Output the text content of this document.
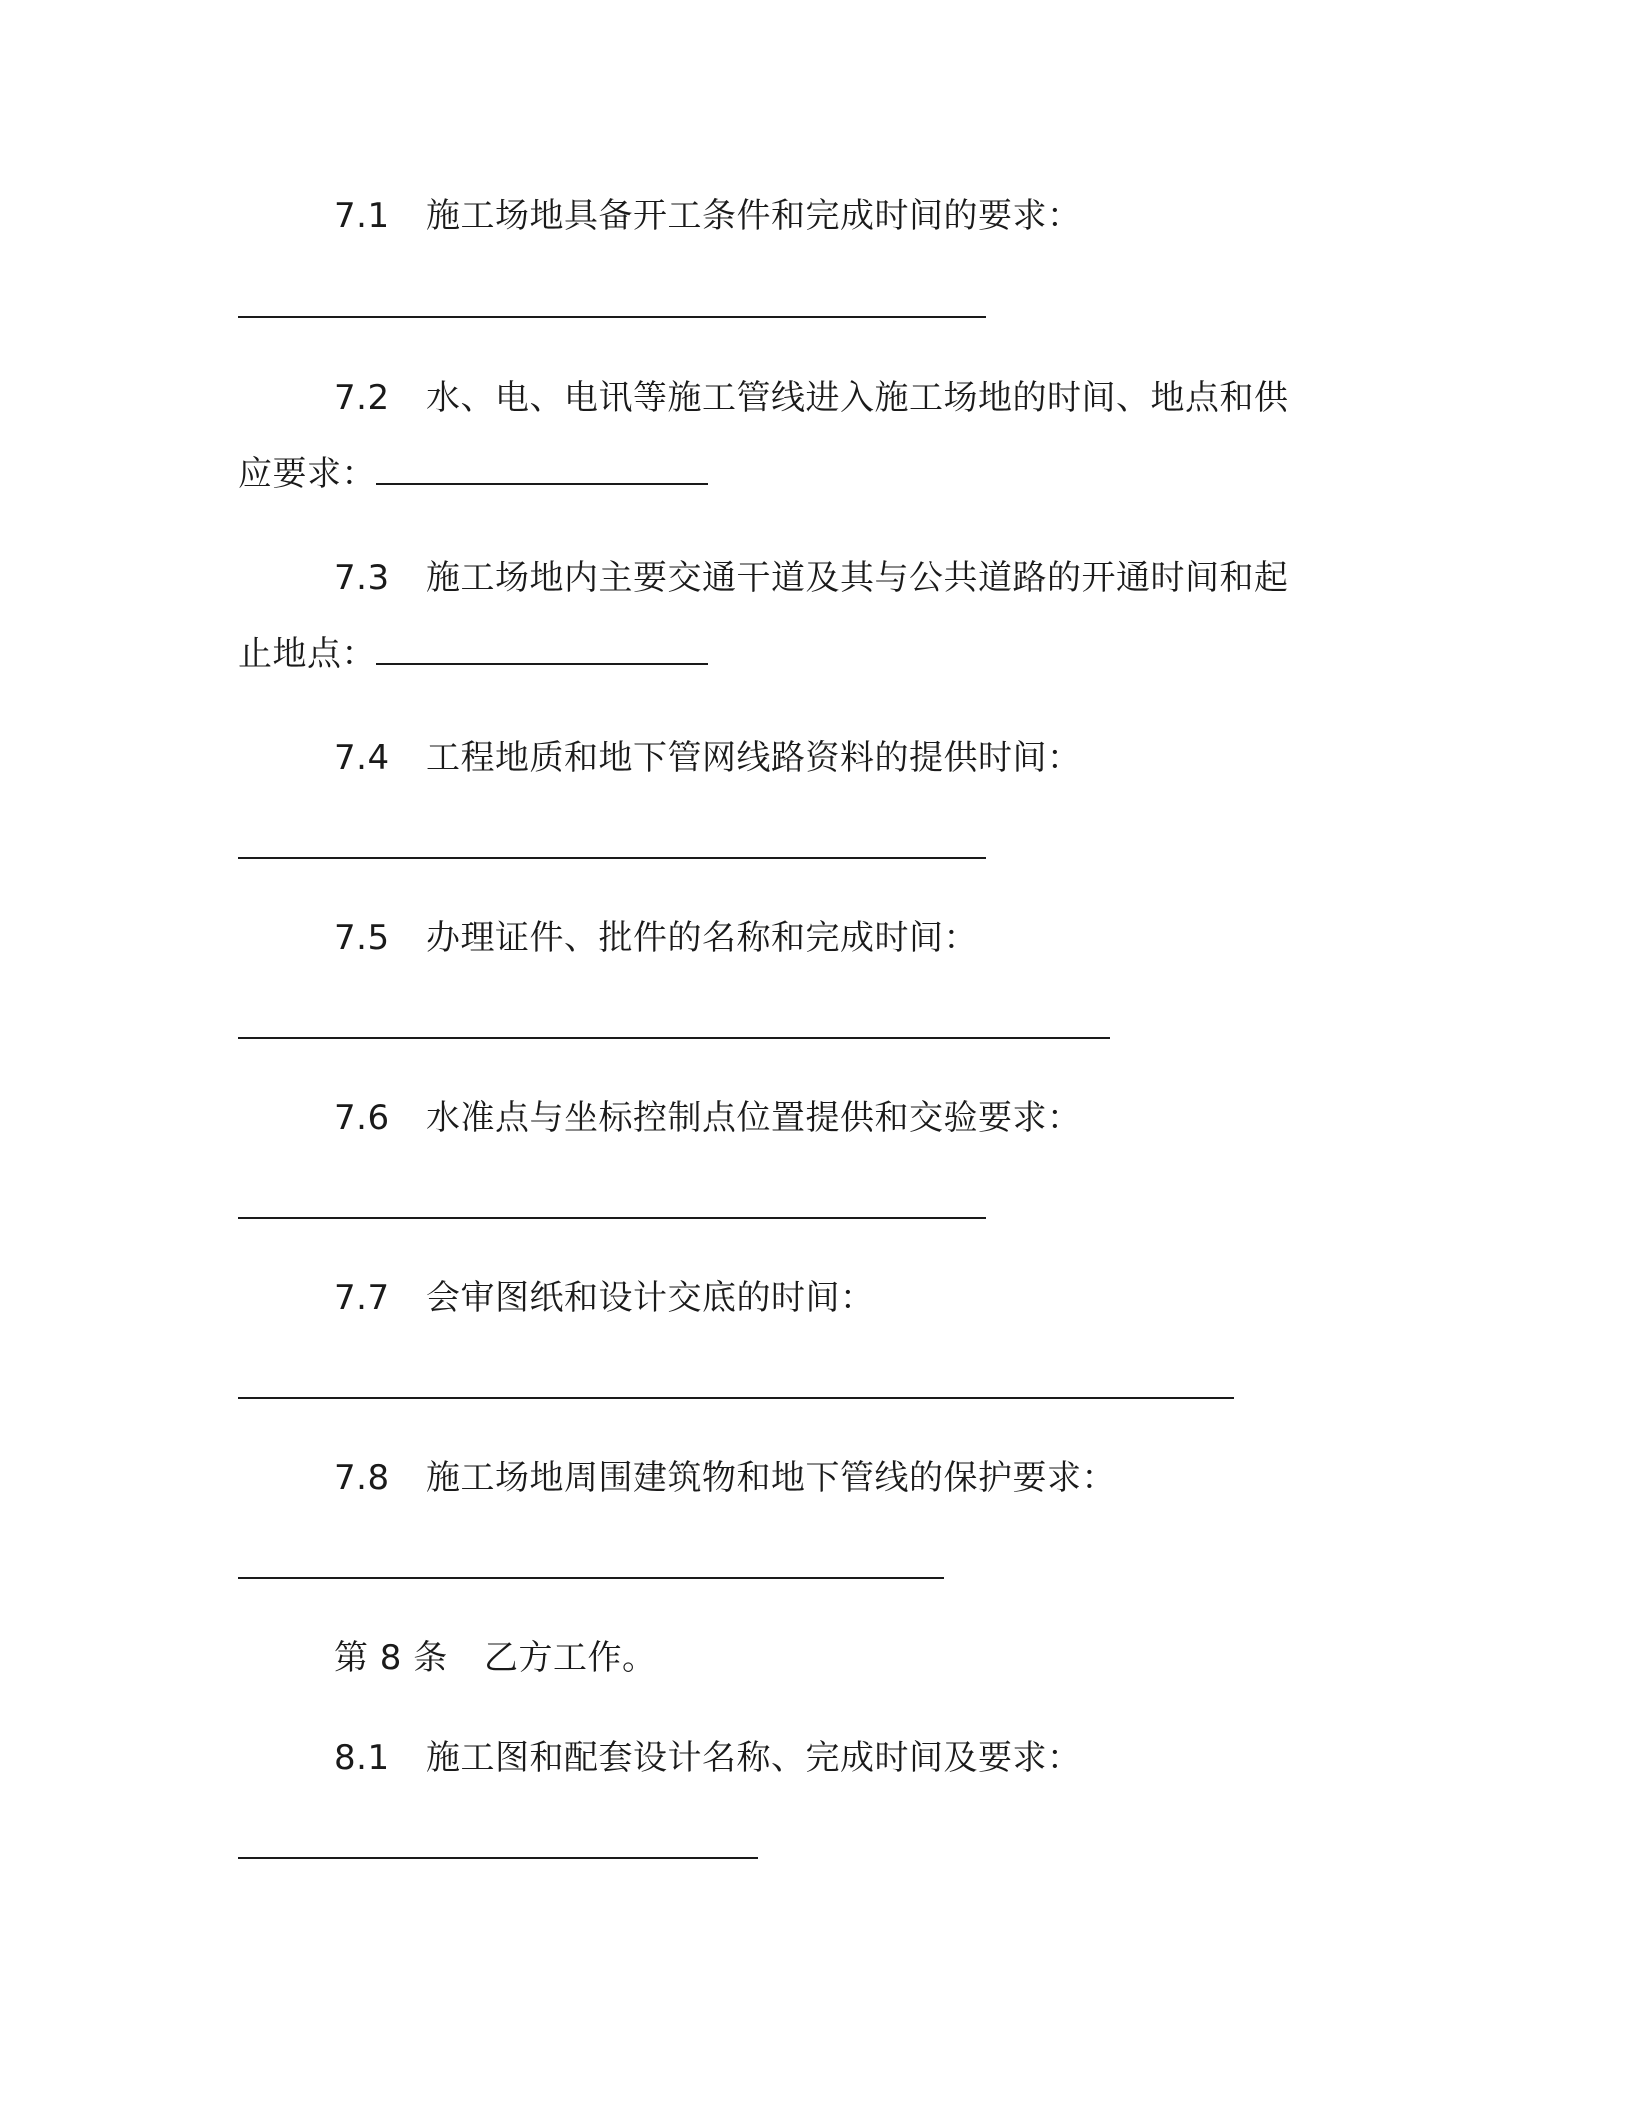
7.1 施工场地具备开工条件和完成时间的要求：
7.2 水、电、电讯等施工管线进入施工场地的时间、地点和供
应要求：
7.3 施工场地内主要交通干道及其与公共道路的开通时间和起
止地点：
7.4 工程地质和地下管网线路资料的提供时间：
7.5 办理证件、批件的名称和完成时间：
7.6 水准点与坐标控制点位置提供和交验要求：
7.7 会审图纸和设计交底的时间：
7.8 施工场地周围建筑物和地下管线的保护要求：
第 8 条 乙方工作。
8.1 施工图和配套设计名称、完成时间及要求：
